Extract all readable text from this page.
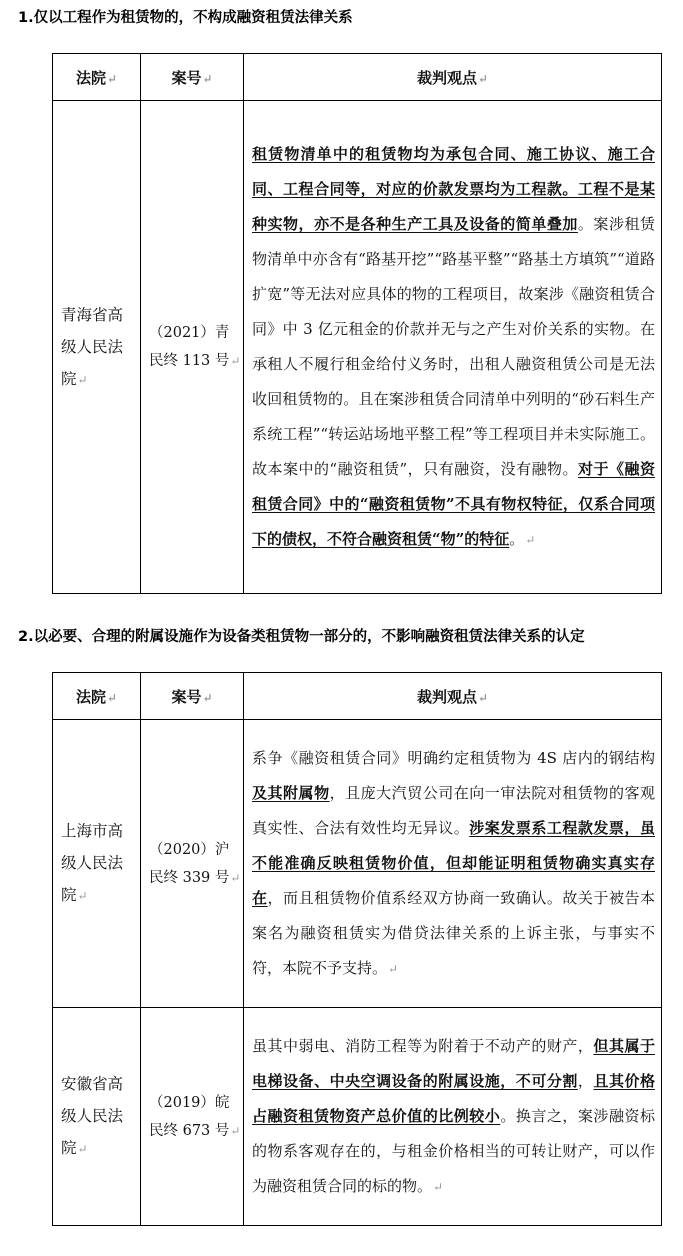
1.仅以工程作为租赁物的，不构成融资租赁法律关系
法院↵	案号↵	裁判观点↵

青海省高级人民法院↵	（2021）青民终 113 号↵	租赁物清单中的租赁物均为承包合同、施工协议、施工合同、工程合同等，对应的价款发票均为工程款。工程不是某种实物，亦不是各种生产工具及设备的简单叠加。案涉租赁物清单中亦含有“路基开挖”“路基平整”“路基土方填筑”“道路扩宽”等无法对应具体的物的工程项目，故案涉《融资租赁合同》中 3 亿元租金的价款并无与之产生对价关系的实物。在承租人不履行租金给付义务时，出租人融资租赁公司是无法收回租赁物的。且在案涉租赁合同清单中列明的“砂石料生产系统工程”“转运站场地平整工程”等工程项目并未实际施工。故本案中的“融资租赁”，只有融资，没有融物。对于《融资租赁合同》中的“融资租赁物”不具有物权特征，仅系合同项下的债权，不符合融资租赁“物”的特征。↵
2.以必要、合理的附属设施作为设备类租赁物一部分的，不影响融资租赁法律关系的认定
法院↵	案号↵	裁判观点↵

上海市高级人民法院↵	（2020）沪民终 339 号↵	系争《融资租赁合同》明确约定租赁物为 4S 店内的钢结构及其附属物，且庞大汽贸公司在向一审法院对租赁物的客观真实性、合法有效性均无异议。涉案发票系工程款发票，虽不能准确反映租赁物价值，但却能证明租赁物确实真实存在，而且租赁物价值系经双方协商一致确认。故关于被告本案名为融资租赁实为借贷法律关系的上诉主张，与事实不符，本院不予支持。↵

安徽省高级人民法院↵	（2019）皖民终 673 号↵	虽其中弱电、消防工程等为附着于不动产的财产，但其属于电梯设备、中央空调设备的附属设施，不可分割，且其价格占融资租赁物资产总价值的比例较小。换言之，案涉融资标的物系客观存在的，与租金价格相当的可转让财产，可以作为融资租赁合同的标的物。↵
